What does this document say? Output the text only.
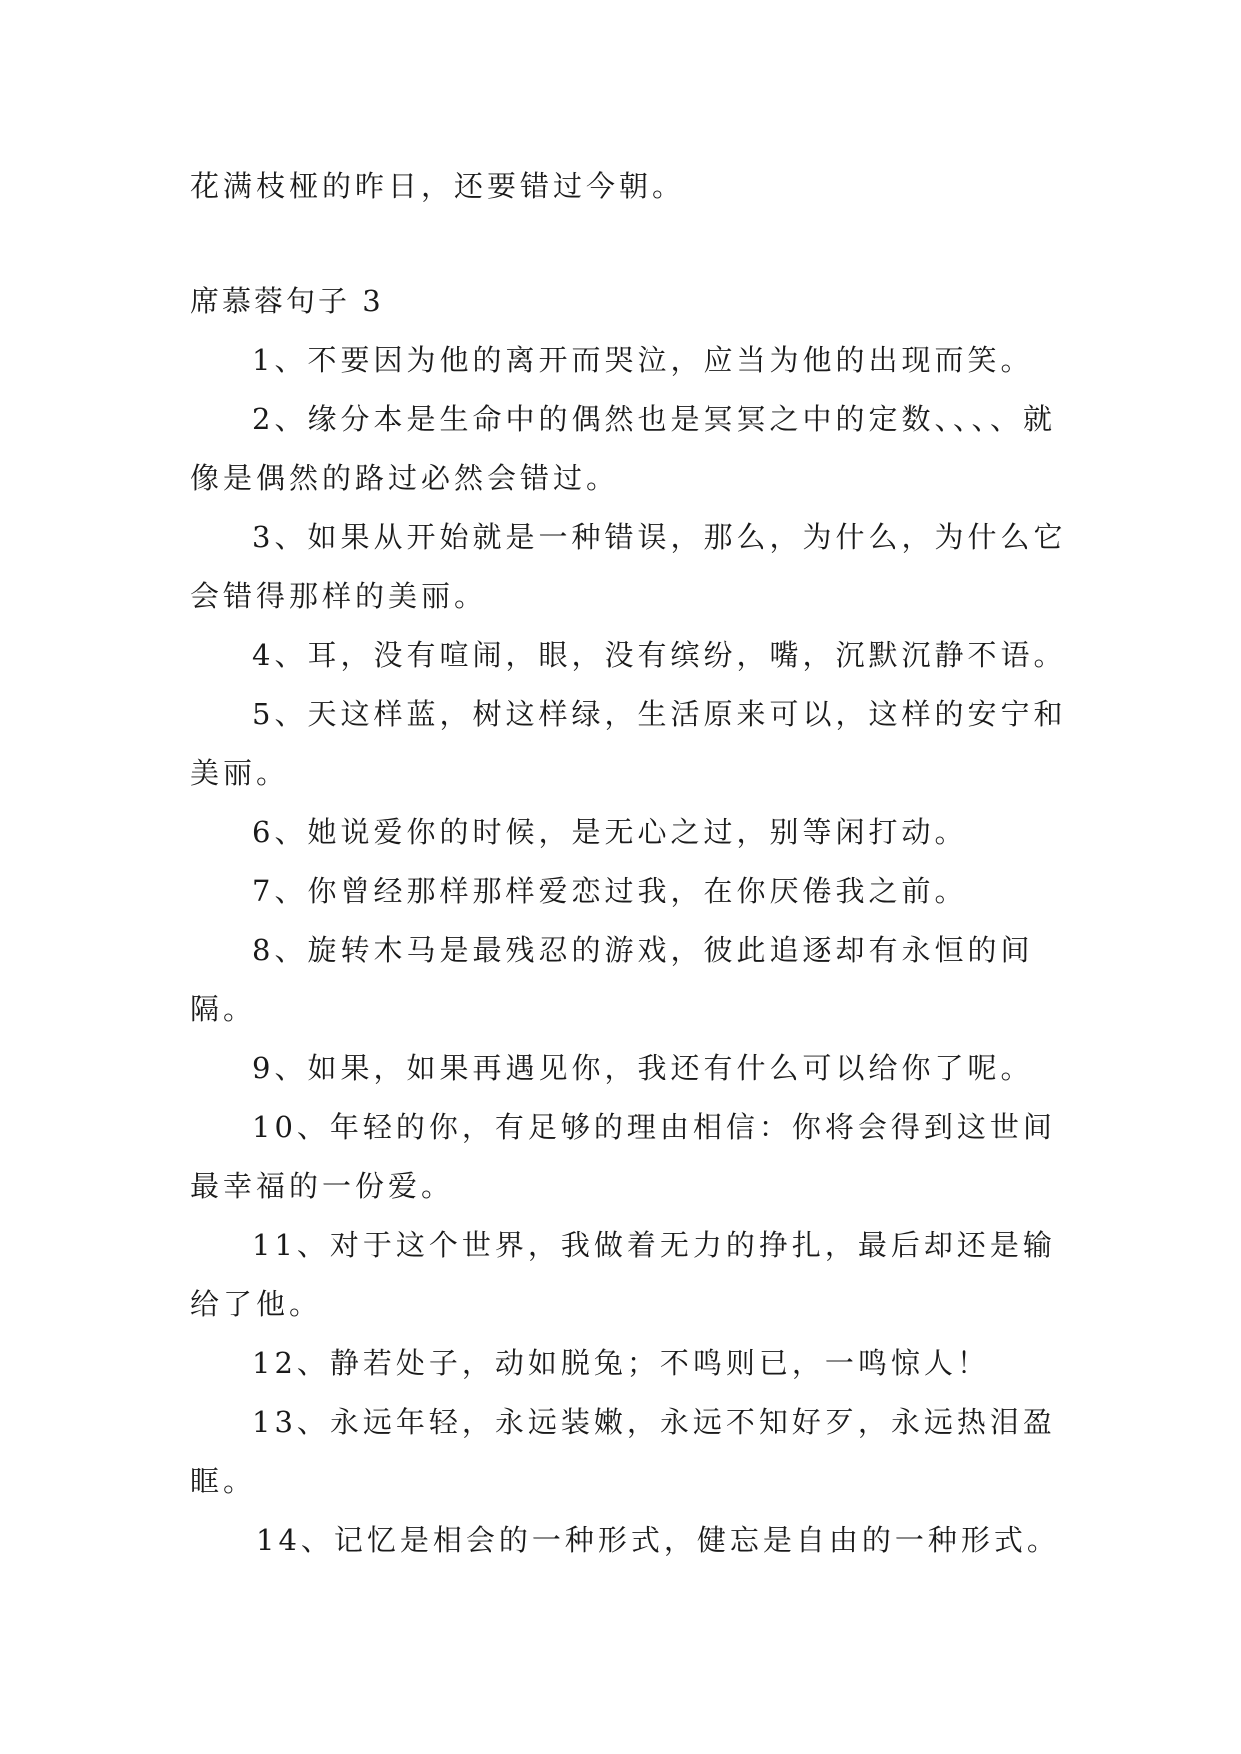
花满枝桠的昨日，还要错过今朝。
席慕蓉句子 3

1、不要因为他的离开而哭泣，应当为他的出现而笑。

2、缘分本是生命中的偶然也是冥冥之中的定数、、、、就像是偶然的路过必然会错过。

3、如果从开始就是一种错误，那么，为什么，为什么它会错得那样的美丽。

4、耳，没有喧闹，眼，没有缤纷，嘴，沉默沉静不语。

5、天这样蓝，树这样绿，生活原来可以，这样的安宁和美丽。

6、她说爱你的时候，是无心之过，别等闲打动。

7、你曾经那样那样爱恋过我，在你厌倦我之前。

8、旋转木马是最残忍的游戏，彼此追逐却有永恒的间隔。

9、如果，如果再遇见你，我还有什么可以给你了呢。

10、年轻的你，有足够的理由相信：你将会得到这世间最幸福的一份爱。

11、对于这个世界，我做着无力的挣扎，最后却还是输给了他。

12、静若处子，动如脱兔；不鸣则已，一鸣惊人！

13、永远年轻，永远装嫩，永远不知好歹，永远热泪盈眶。

14、记忆是相会的一种形式，健忘是自由的一种形式。
